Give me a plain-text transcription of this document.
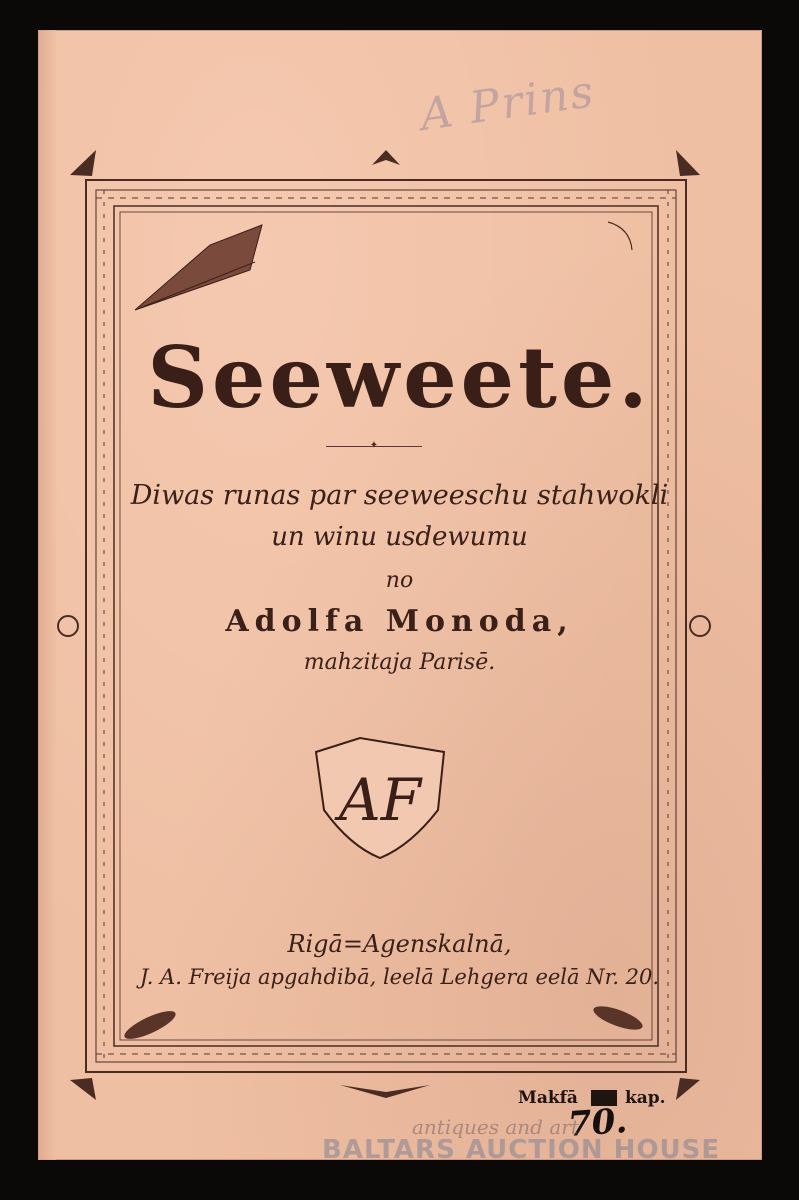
AF
A Prins
Seeweete.
✦
Diwas runas par seeweeschu stahwokli
un winu usdewumu
no
Adolfa Monoda,
mahzitaja Parisē.
Rigā=Agenskalnā,
J. A. Freija apgahdibā, leelā Lehgera eelā Nr. 20.
Makfā	kap.
70.
antiques and art
BALTARS AUCTION HOUSE
